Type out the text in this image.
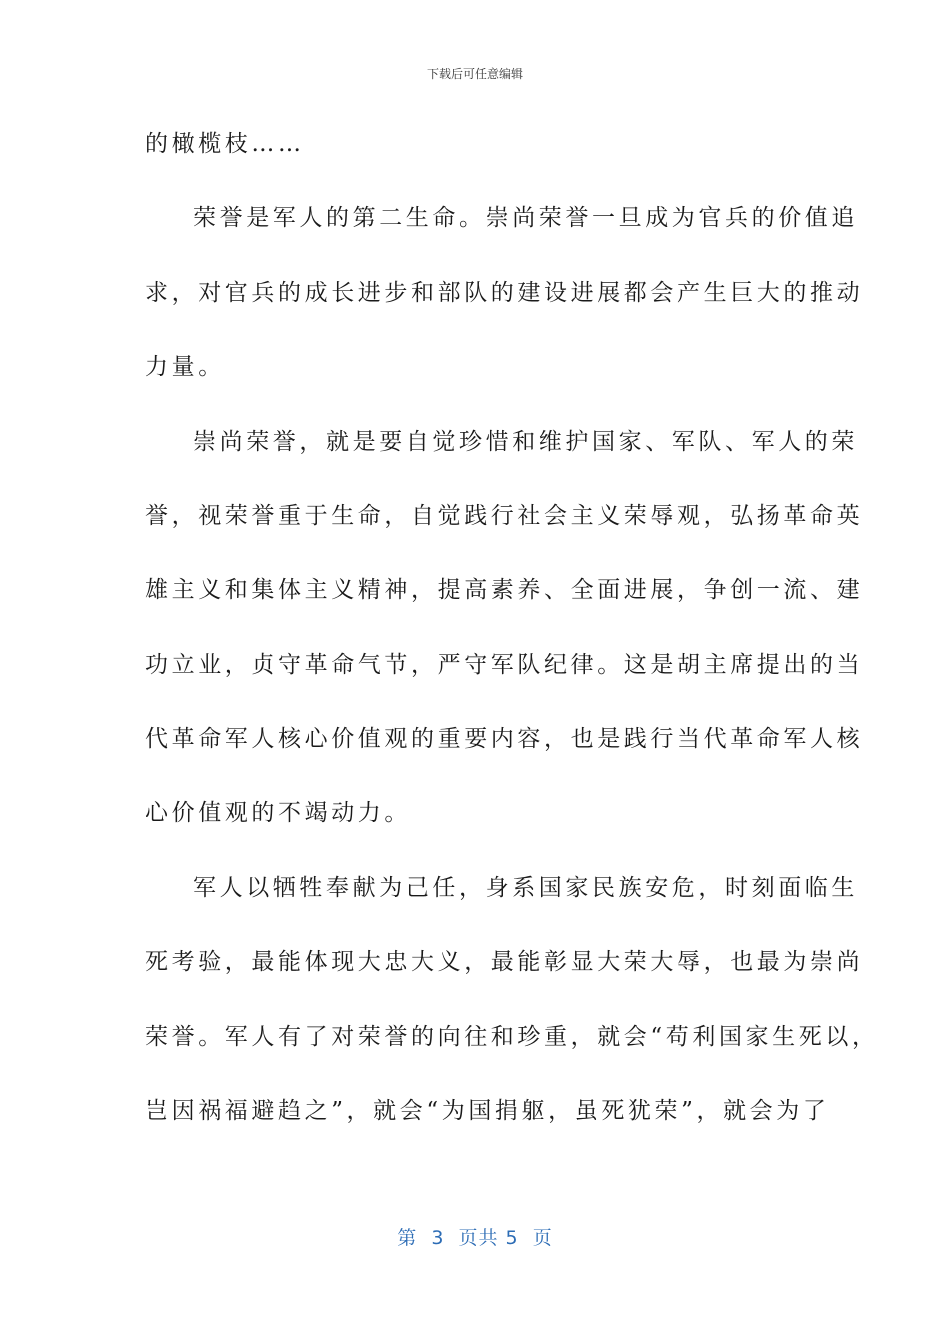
下载后可任意编辑
的橄榄枝……
荣誉是军人的第二生命。崇尚荣誉一旦成为官兵的价值追
求，对官兵的成长进步和部队的建设进展都会产生巨大的推动
力量。
崇尚荣誉，就是要自觉珍惜和维护国家、军队、军人的荣
誉，视荣誉重于生命，自觉践行社会主义荣辱观，弘扬革命英
雄主义和集体主义精神，提高素养、全面进展，争创一流、建
功立业，贞守革命气节，严守军队纪律。这是胡主席提出的当
代革命军人核心价值观的重要内容，也是践行当代革命军人核
心价值观的不竭动力。
军人以牺牲奉献为己任，身系国家民族安危，时刻面临生
死考验，最能体现大忠大义，最能彰显大荣大辱，也最为崇尚
荣誉。军人有了对荣誉的向往和珍重，就会“苟利国家生死以，
岂因祸福避趋之”，就会“为国捐躯，虽死犹荣”，就会为了
第  3  页共 5  页
